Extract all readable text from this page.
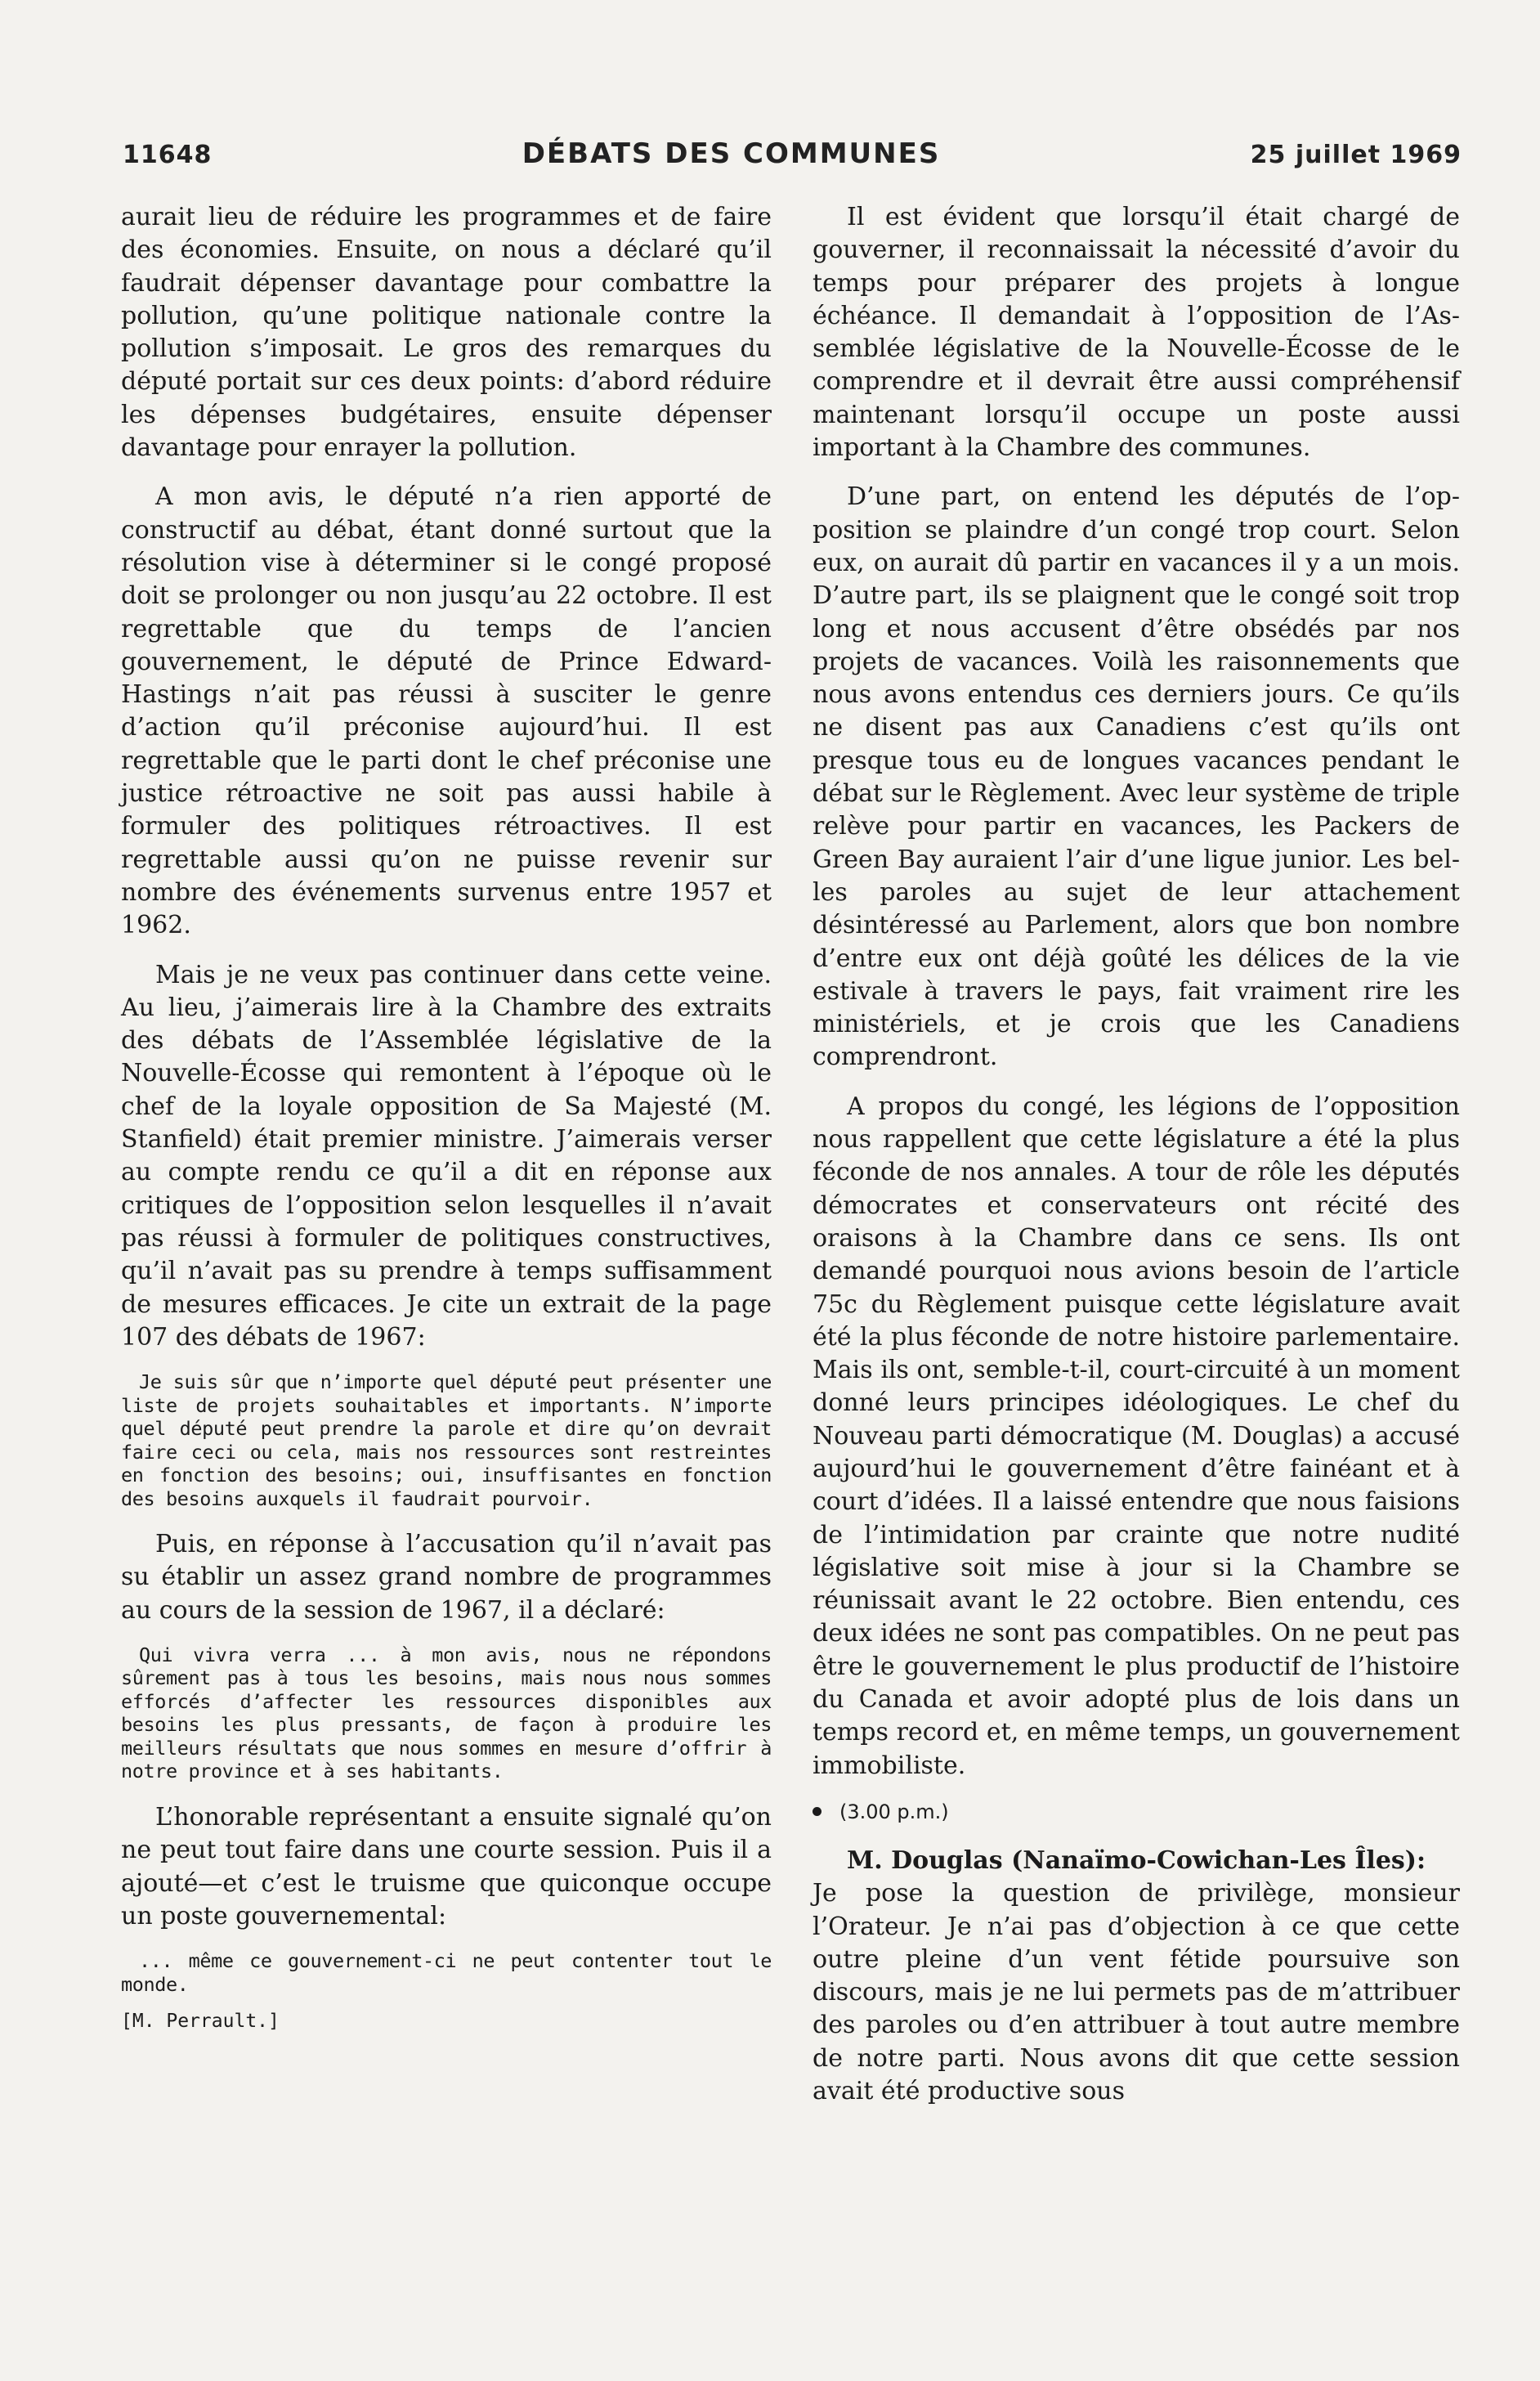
11648	DÉBATS DES COMMUNES	25 juillet 1969

aurait lieu de réduire les programmes et de faire des économies. Ensuite, on nous a déclaré qu’il faudrait dépenser davantage pour combattre la pollution, qu’une politique nationale contre la pollution s’imposait. Le gros des remarques du député portait sur ces deux points: d’abord réduire les dépenses budgétaires, ensuite dépenser davantage pour enrayer la pollution.

A mon avis, le député n’a rien apporté de constructif au débat, étant donné surtout que la résolution vise à déterminer si le congé proposé doit se prolonger ou non jusqu’au 22 octobre. Il est regrettable que du temps de l’ancien gouvernement, le député de Prince Edward-Hastings n’ait pas réussi à susciter le genre d’action qu’il préconise aujourd’hui. Il est regrettable que le parti dont le chef préconise une justice rétroactive ne soit pas aussi habile à formuler des politiques rétroactives. Il est regrettable aussi qu’on ne puisse revenir sur nombre des événements survenus entre 1957 et 1962.

Mais je ne veux pas continuer dans cette veine. Au lieu, j’aimerais lire à la Chambre des extraits des débats de l’Assemblée législative de la Nouvelle-Écosse qui remontent à l’époque où le chef de la loyale opposition de Sa Majesté (M. Stanfield) était premier ministre. J’aimerais verser au compte rendu ce qu’il a dit en réponse aux critiques de l’opposition selon lesquelles il n’avait pas réussi à formuler de politiques constructives, qu’il n’avait pas su prendre à temps suffisamment de mesures efficaces. Je cite un extrait de la page 107 des débats de 1967:

Je suis sûr que n’importe quel député peut présenter une liste de projets souhaitables et importants. N’importe quel député peut prendre la parole et dire qu’on devrait faire ceci ou cela, mais nos ressources sont restreintes en fonction des besoins; oui, insuffisantes en fonction des besoins auxquels il faudrait pourvoir.

Puis, en réponse à l’accusation qu’il n’avait pas su établir un assez grand nombre de programmes au cours de la session de 1967, il a déclaré:

Qui vivra verra ... à mon avis, nous ne répondons sûrement pas à tous les besoins, mais nous nous sommes efforcés d’affecter les ressources disponibles aux besoins les plus pressants, de façon à produire les meilleurs résultats que nous sommes en mesure d’offrir à notre province et à ses habitants.

L’honorable représentant a ensuite signalé qu’on ne peut tout faire dans une courte session. Puis il a ajouté—et c’est le truisme que quiconque occupe un poste gouvernemental:

... même ce gouvernement-ci ne peut contenter tout le monde.

[M. Perrault.]

Il est évident que lorsqu’il était chargé de gouverner, il reconnaissait la nécessité d’avoir du temps pour préparer des projets à longue échéance. Il demandait à l’opposition de l’Assemblée législative de la Nouvelle-Écosse de le comprendre et il devrait être aussi compréhensif maintenant lorsqu’il occupe un poste aussi important à la Chambre des communes.

D’une part, on entend les députés de l’opposition se plaindre d’un congé trop court. Selon eux, on aurait dû partir en vacances il y a un mois. D’autre part, ils se plaignent que le congé soit trop long et nous accusent d’être obsédés par nos projets de vacances. Voilà les raisonnements que nous avons entendus ces derniers jours. Ce qu’ils ne disent pas aux Canadiens c’est qu’ils ont presque tous eu de longues vacances pendant le débat sur le Règlement. Avec leur système de triple relève pour partir en vacances, les Packers de Green Bay auraient l’air d’une ligue junior. Les belles paroles au sujet de leur attachement désintéressé au Parlement, alors que bon nombre d’entre eux ont déjà goûté les délices de la vie estivale à travers le pays, fait vraiment rire les ministériels, et je crois que les Canadiens comprendront.

A propos du congé, les légions de l’opposition nous rappellent que cette législature a été la plus féconde de nos annales. A tour de rôle les députés démocrates et conservateurs ont récité des oraisons à la Chambre dans ce sens. Ils ont demandé pourquoi nous avions besoin de l’article 75c du Règlement puisque cette législature avait été la plus féconde de notre histoire parlementaire. Mais ils ont, semble-t-il, court-circuité à un moment donné leurs principes idéologiques. Le chef du Nouveau parti démocratique (M. Douglas) a accusé aujourd’hui le gouvernement d’être fainéant et à court d’idées. Il a laissé entendre que nous faisions de l’intimidation par crainte que notre nudité législative soit mise à jour si la Chambre se réunissait avant le 22 octobre. Bien entendu, ces deux idées ne sont pas compatibles. On ne peut pas être le gouvernement le plus productif de l’histoire du Canada et avoir adopté plus de lois dans un temps record et, en même temps, un gouvernement immobiliste.

(3.00 p.m.)

M. Douglas (Nanaïmo-Cowichan-Les Îles):

Je pose la question de privilège, monsieur l’Orateur. Je n’ai pas d’objection à ce que cette outre pleine d’un vent fétide poursuive son discours, mais je ne lui permets pas de m’attribuer des paroles ou d’en attribuer à tout autre membre de notre parti. Nous avons dit que cette session avait été productive sous
